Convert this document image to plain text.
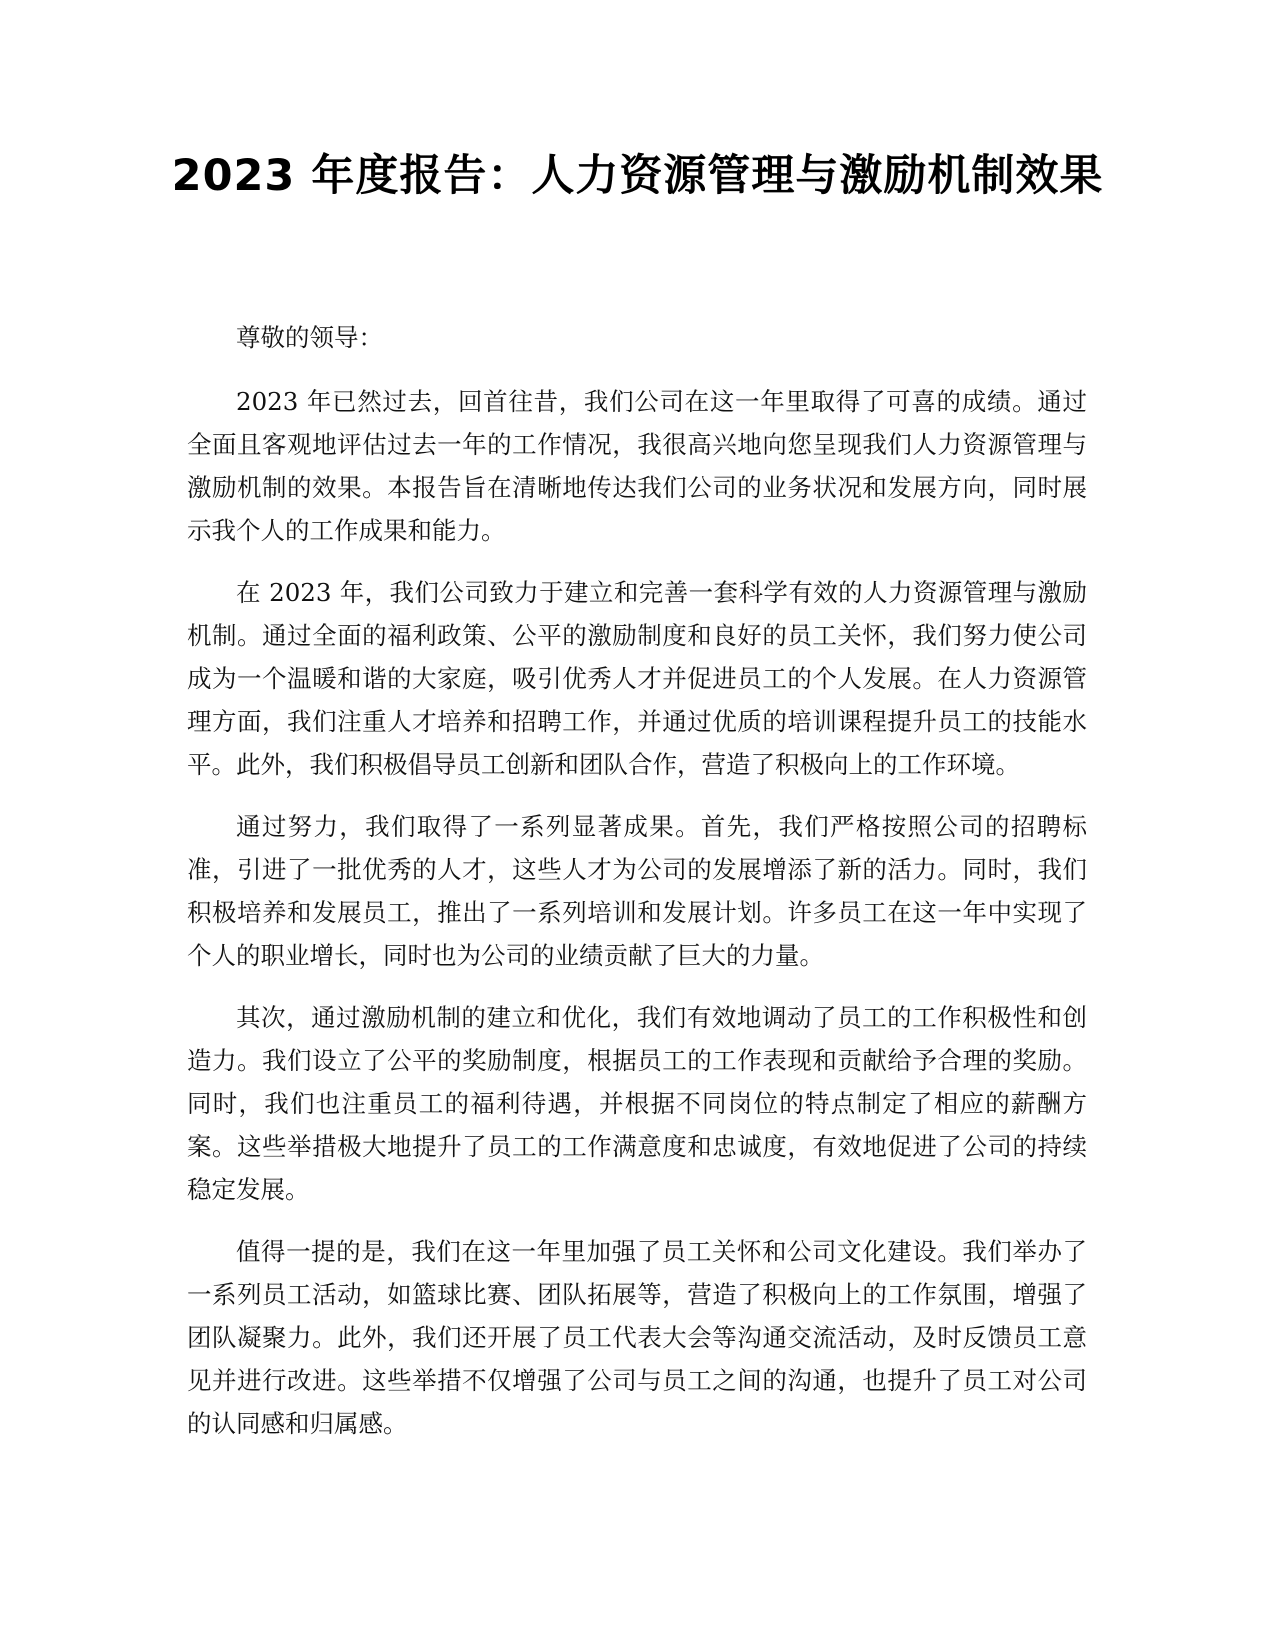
2023 年度报告：人力资源管理与激励机制效果

尊敬的领导：

2023 年已然过去，回首往昔，我们公司在这一年里取得了可喜的成绩。通过全面且客观地评估过去一年的工作情况，我很高兴地向您呈现我们人力资源管理与激励机制的效果。本报告旨在清晰地传达我们公司的业务状况和发展方向，同时展示我个人的工作成果和能力。

在 2023 年，我们公司致力于建立和完善一套科学有效的人力资源管理与激励机制。通过全面的福利政策、公平的激励制度和良好的员工关怀，我们努力使公司成为一个温暖和谐的大家庭，吸引优秀人才并促进员工的个人发展。在人力资源管理方面，我们注重人才培养和招聘工作，并通过优质的培训课程提升员工的技能水平。此外，我们积极倡导员工创新和团队合作，营造了积极向上的工作环境。

通过努力，我们取得了一系列显著成果。首先，我们严格按照公司的招聘标准，引进了一批优秀的人才，这些人才为公司的发展增添了新的活力。同时，我们积极培养和发展员工，推出了一系列培训和发展计划。许多员工在这一年中实现了个人的职业增长，同时也为公司的业绩贡献了巨大的力量。

其次，通过激励机制的建立和优化，我们有效地调动了员工的工作积极性和创造力。我们设立了公平的奖励制度，根据员工的工作表现和贡献给予合理的奖励。同时，我们也注重员工的福利待遇，并根据不同岗位的特点制定了相应的薪酬方案。这些举措极大地提升了员工的工作满意度和忠诚度，有效地促进了公司的持续稳定发展。

值得一提的是，我们在这一年里加强了员工关怀和公司文化建设。我们举办了一系列员工活动，如篮球比赛、团队拓展等，营造了积极向上的工作氛围，增强了团队凝聚力。此外，我们还开展了员工代表大会等沟通交流活动，及时反馈员工意见并进行改进。这些举措不仅增强了公司与员工之间的沟通，也提升了员工对公司的认同感和归属感。
